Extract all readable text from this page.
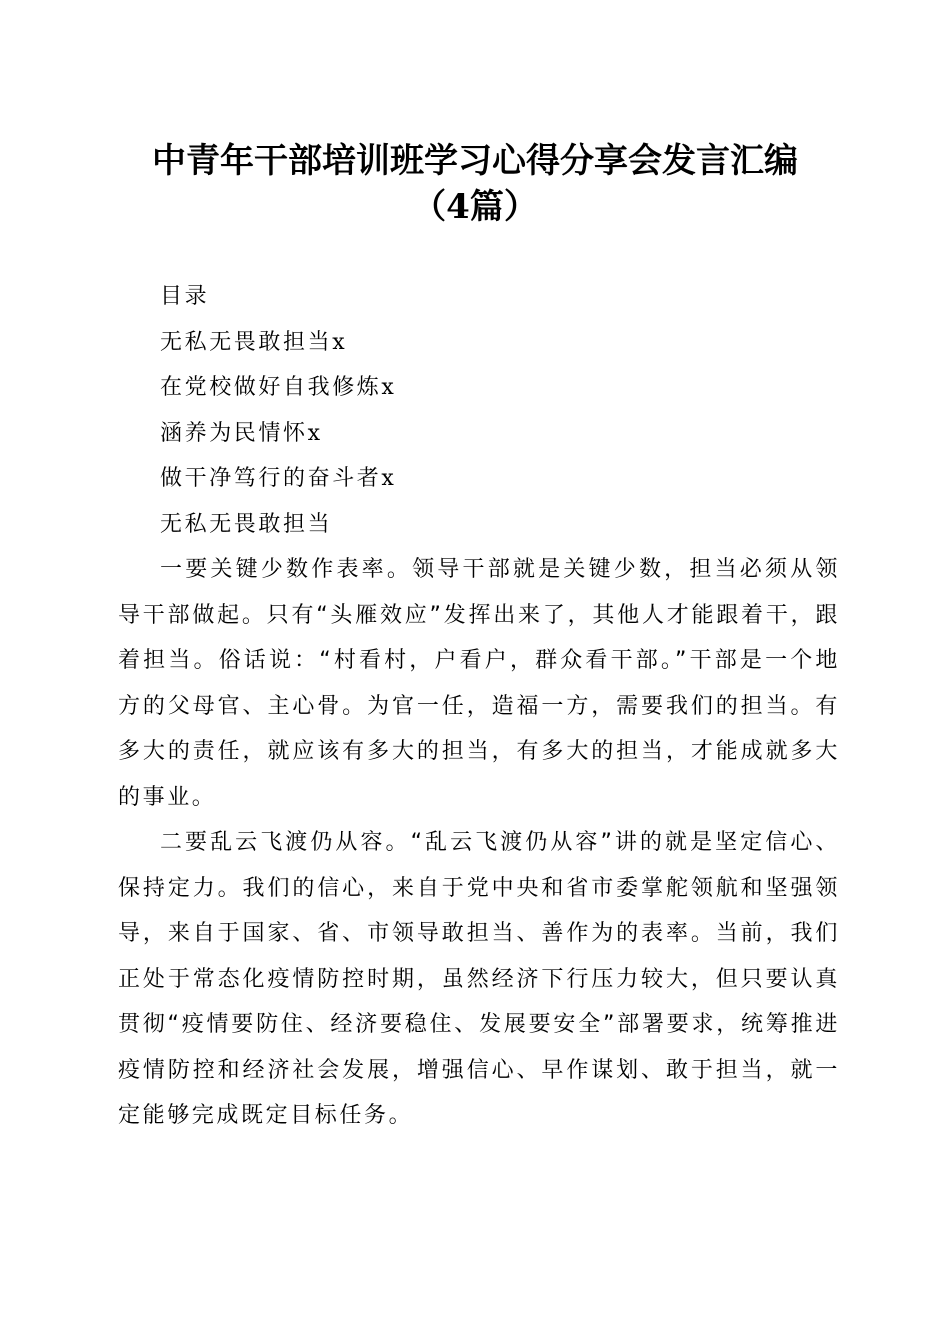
中青年干部培训班学习心得分享会发言汇编
（4篇）

目录

无私无畏敢担当x

在党校做好自我修炼x

涵养为民情怀x

做干净笃行的奋斗者x

无私无畏敢担当

一要关键少数作表率。领导干部就是关键少数，担当必须从领导干部做起。只有“头雁效应”发挥出来了，其他人才能跟着干，跟着担当。俗话说：“村看村，户看户，群众看干部。”干部是一个地方的父母官、主心骨。为官一任，造福一方，需要我们的担当。有多大的责任，就应该有多大的担当，有多大的担当，才能成就多大的事业。

二要乱云飞渡仍从容。“乱云飞渡仍从容”讲的就是坚定信心、保持定力。我们的信心，来自于党中央和省市委掌舵领航和坚强领导，来自于国家、省、市领导敢担当、善作为的表率。当前，我们正处于常态化疫情防控时期，虽然经济下行压力较大，但只要认真贯彻“疫情要防住、经济要稳住、发展要安全”部署要求，统筹推进疫情防控和经济社会发展，增强信心、早作谋划、敢于担当，就一定能够完成既定目标任务。
